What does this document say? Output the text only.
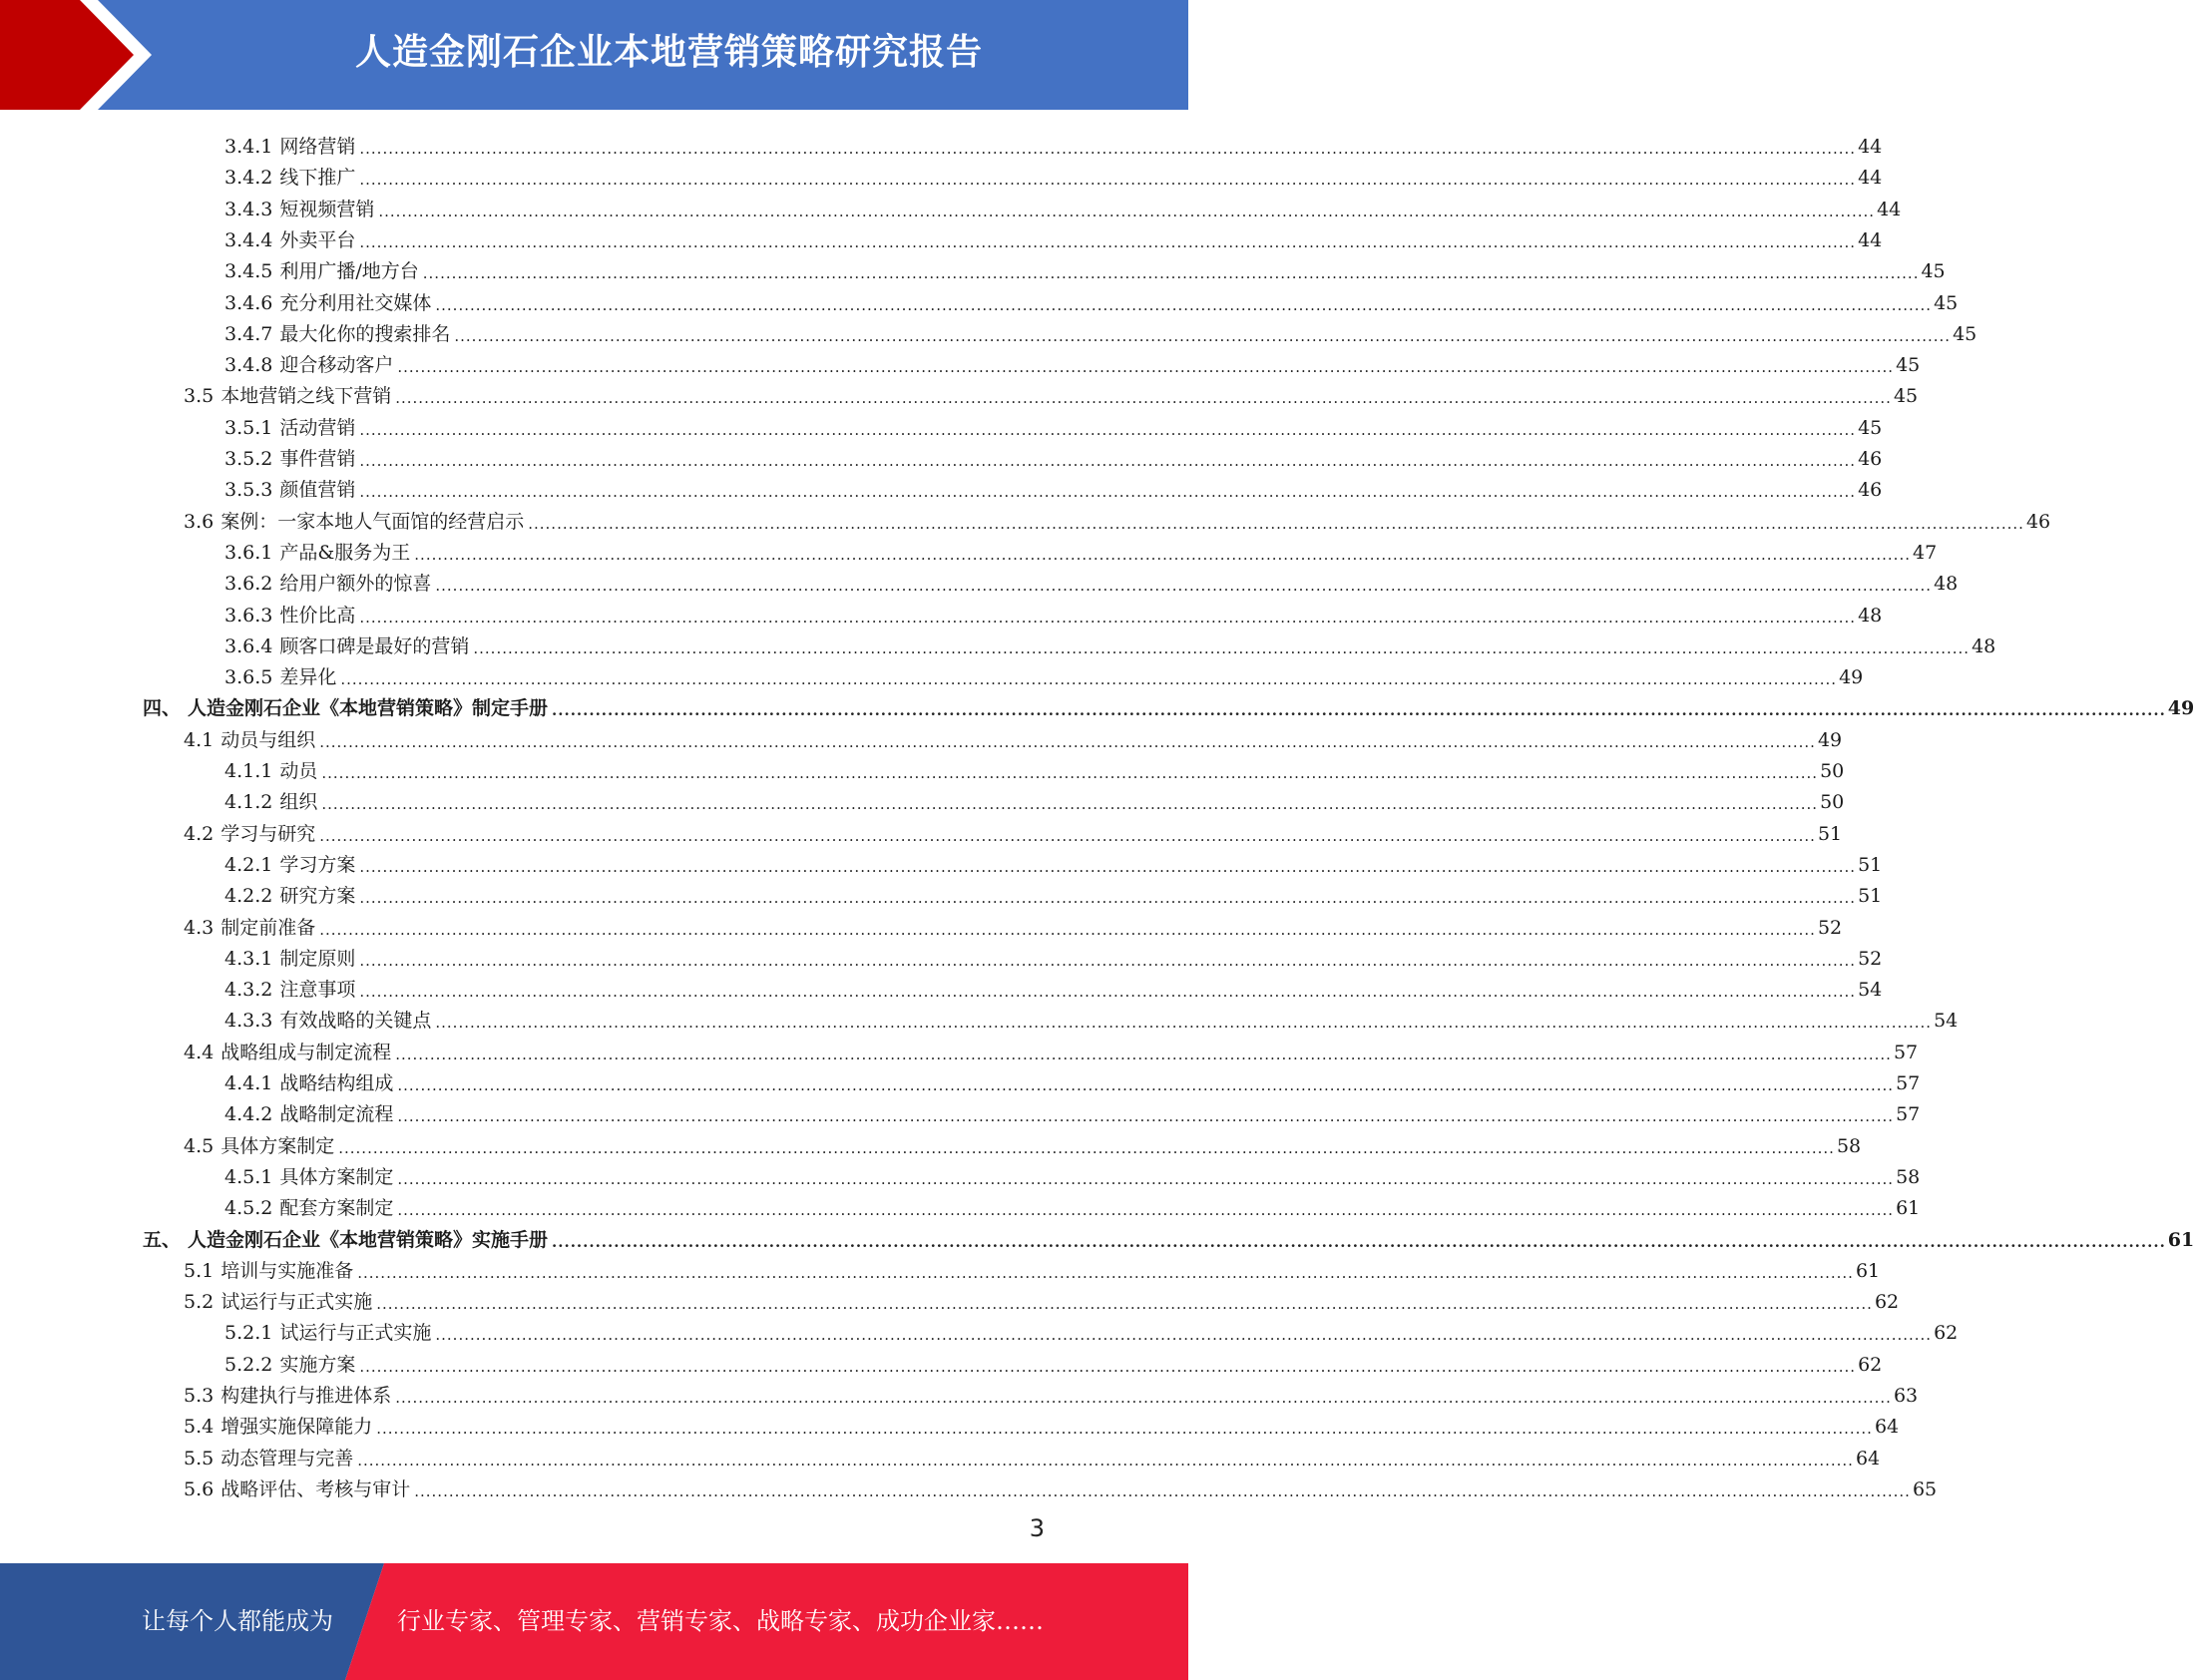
人造金刚石企业本地营销策略研究报告
3.4.1 网络营销 .................................................................................................................................................................................................................................................................... 44
3.4.2 线下推广 .................................................................................................................................................................................................................................................................... 44
3.4.3 短视频营销 .................................................................................................................................................................................................................................................................... 44
3.4.4 外卖平台 .................................................................................................................................................................................................................................................................... 44
3.4.5 利用广播/地方台 .................................................................................................................................................................................................................................................................... 45
3.4.6 充分利用社交媒体 .................................................................................................................................................................................................................................................................... 45
3.4.7 最大化你的搜索排名 .................................................................................................................................................................................................................................................................... 45
3.4.8 迎合移动客户 .................................................................................................................................................................................................................................................................... 45
3.5 本地营销之线下营销 .................................................................................................................................................................................................................................................................... 45
3.5.1 活动营销 .................................................................................................................................................................................................................................................................... 45
3.5.2 事件营销 .................................................................................................................................................................................................................................................................... 46
3.5.3 颜值营销 .................................................................................................................................................................................................................................................................... 46
3.6 案例：一家本地人气面馆的经营启示 .................................................................................................................................................................................................................................................................... 46
3.6.1 产品&服务为王 .................................................................................................................................................................................................................................................................... 47
3.6.2 给用户额外的惊喜 .................................................................................................................................................................................................................................................................... 48
3.6.3 性价比高 .................................................................................................................................................................................................................................................................... 48
3.6.4 顾客口碑是最好的营销 .................................................................................................................................................................................................................................................................... 48
3.6.5 差异化 .................................................................................................................................................................................................................................................................... 49
四、 人造金刚石企业《本地营销策略》制定手册 .................................................................................................................................................................................................................................................................... 49
4.1 动员与组织 .................................................................................................................................................................................................................................................................... 49
4.1.1 动员 .................................................................................................................................................................................................................................................................... 50
4.1.2 组织 .................................................................................................................................................................................................................................................................... 50
4.2 学习与研究 .................................................................................................................................................................................................................................................................... 51
4.2.1 学习方案 .................................................................................................................................................................................................................................................................... 51
4.2.2 研究方案 .................................................................................................................................................................................................................................................................... 51
4.3 制定前准备 .................................................................................................................................................................................................................................................................... 52
4.3.1 制定原则 .................................................................................................................................................................................................................................................................... 52
4.3.2 注意事项 .................................................................................................................................................................................................................................................................... 54
4.3.3 有效战略的关键点 .................................................................................................................................................................................................................................................................... 54
4.4 战略组成与制定流程 .................................................................................................................................................................................................................................................................... 57
4.4.1 战略结构组成 .................................................................................................................................................................................................................................................................... 57
4.4.2 战略制定流程 .................................................................................................................................................................................................................................................................... 57
4.5 具体方案制定 .................................................................................................................................................................................................................................................................... 58
4.5.1 具体方案制定 .................................................................................................................................................................................................................................................................... 58
4.5.2 配套方案制定 .................................................................................................................................................................................................................................................................... 61
五、 人造金刚石企业《本地营销策略》实施手册 .................................................................................................................................................................................................................................................................... 61
5.1 培训与实施准备 .................................................................................................................................................................................................................................................................... 61
5.2 试运行与正式实施 .................................................................................................................................................................................................................................................................... 62
5.2.1 试运行与正式实施 .................................................................................................................................................................................................................................................................... 62
5.2.2 实施方案 .................................................................................................................................................................................................................................................................... 62
5.3 构建执行与推进体系 .................................................................................................................................................................................................................................................................... 63
5.4 增强实施保障能力 .................................................................................................................................................................................................................................................................... 64
5.5 动态管理与完善 .................................................................................................................................................................................................................................................................... 64
5.6 战略评估、考核与审计 .................................................................................................................................................................................................................................................................... 65
3
让每个人都能成为	行业专家、管理专家、营销专家、战略专家、成功企业家……
